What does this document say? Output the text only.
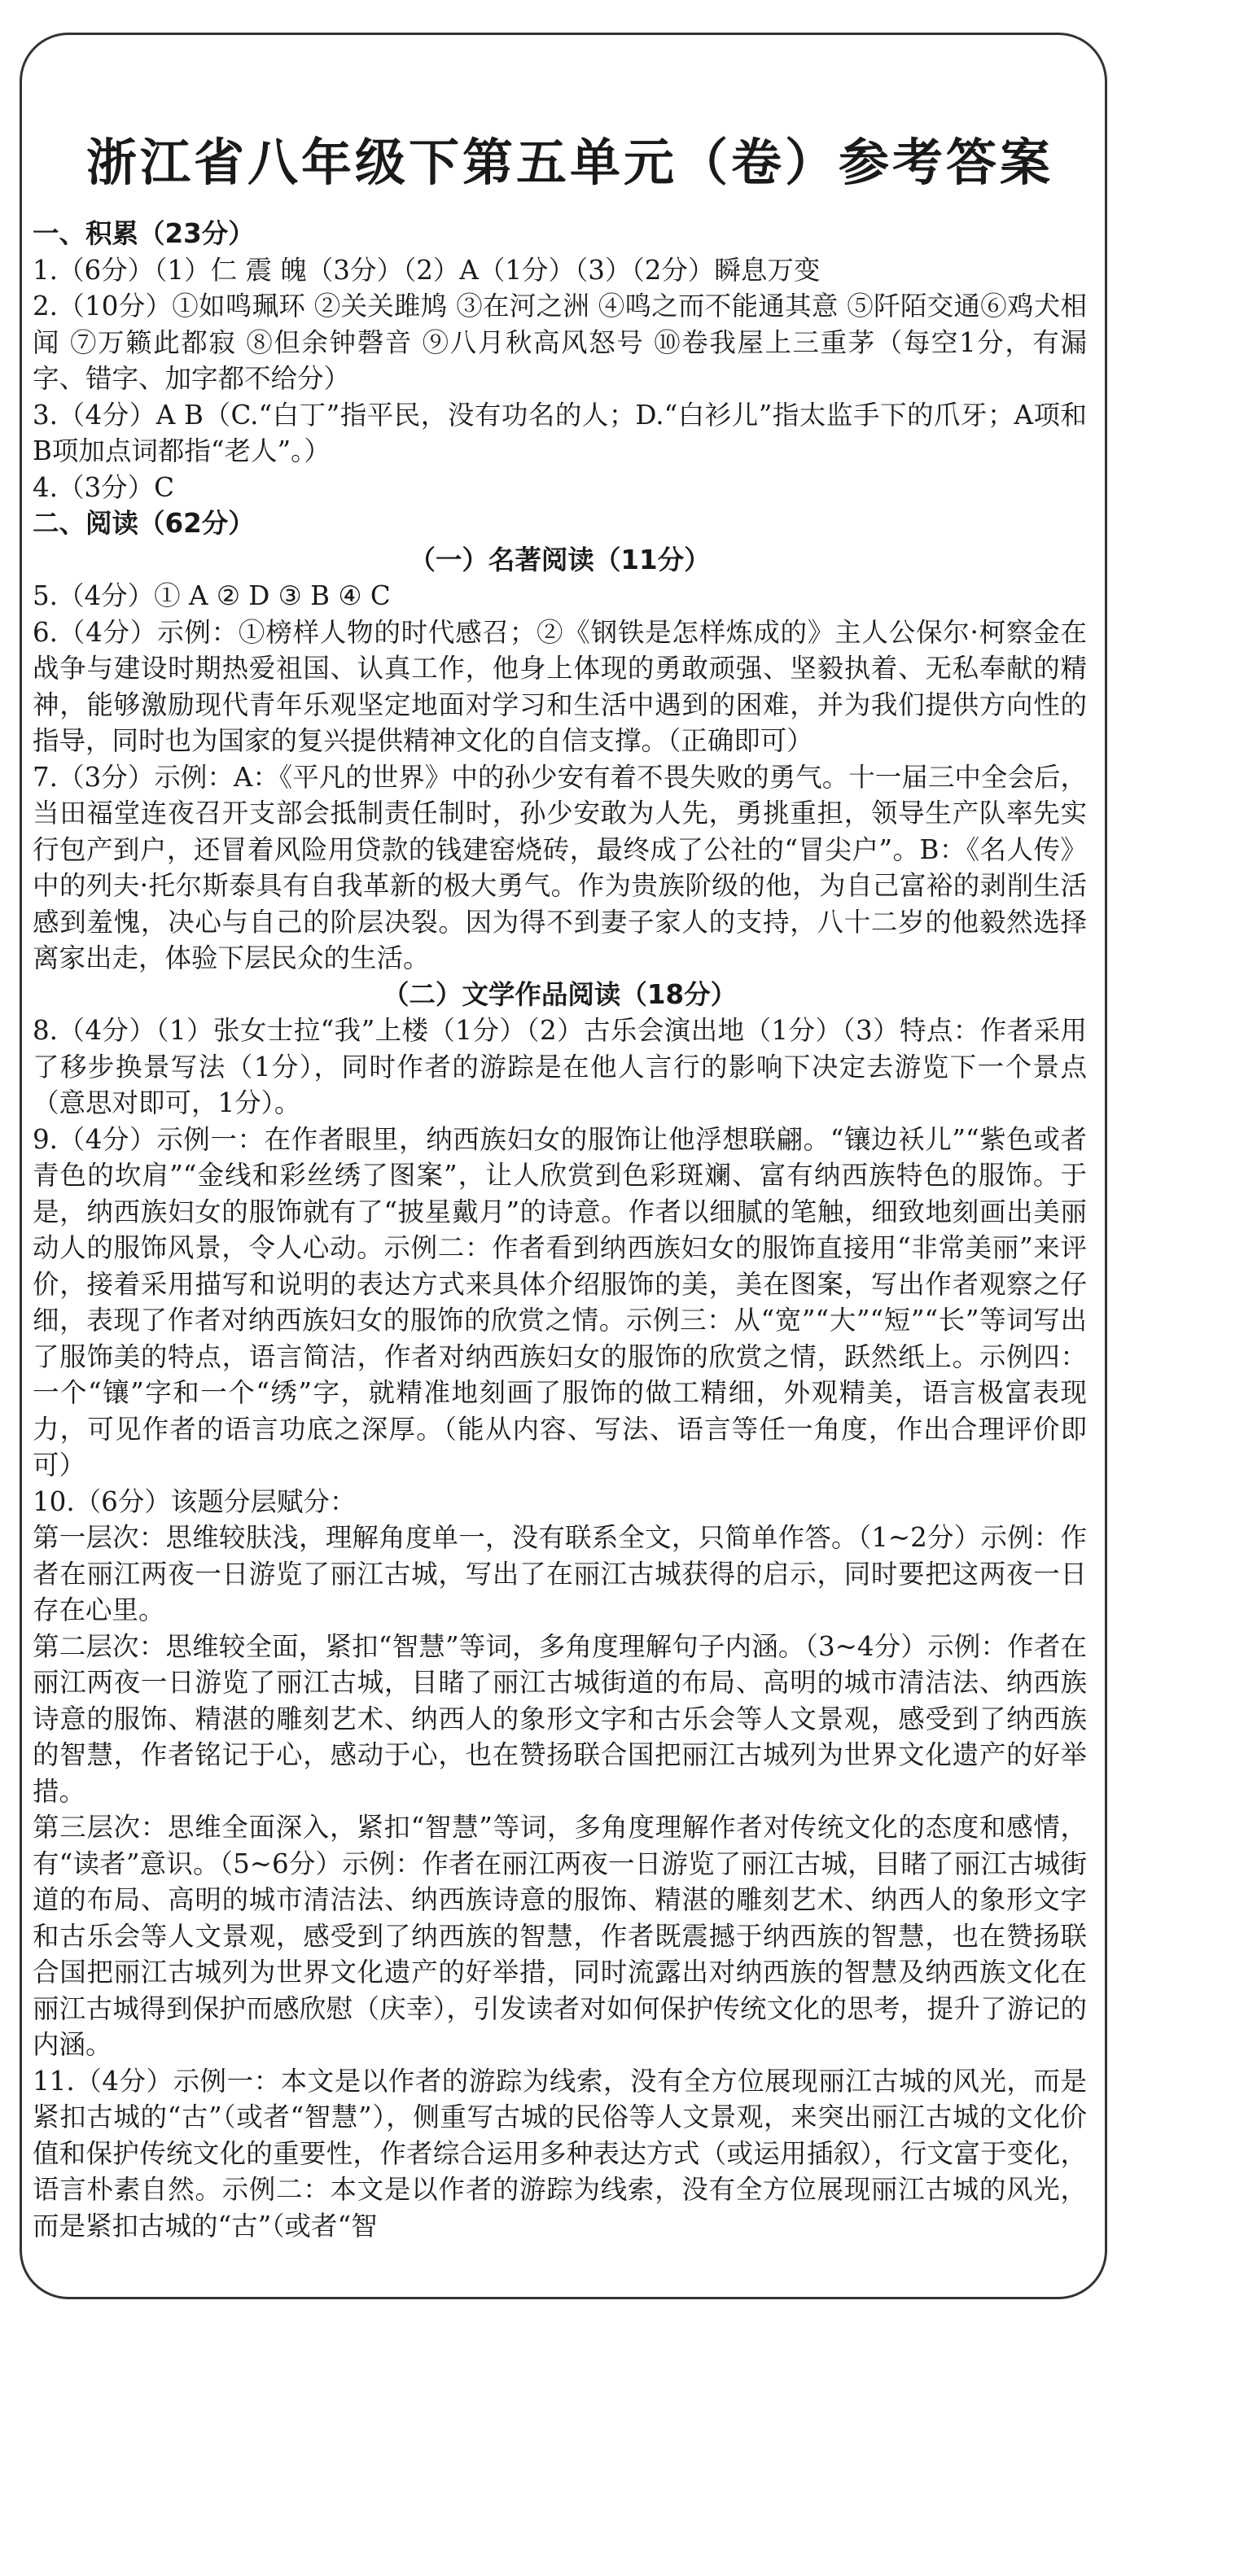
浙江省八年级下第五单元（卷）参考答案

一、积累（23分）

1.（6分）（1）仁 震 魄（3分）（2）A（1分）（3）（2分）瞬息万变

2.（10分）①如鸣珮环 ②关关雎鸠 ③在河之洲 ④鸣之而不能通其意 ⑤阡陌交通⑥鸡犬相闻 ⑦万籁此都寂 ⑧但余钟磬音 ⑨八月秋高风怒号 ⑩卷我屋上三重茅（每空1分，有漏字、错字、加字都不给分）

3.（4分）A B（C.“白丁”指平民，没有功名的人；D.“白衫儿”指太监手下的爪牙；A项和B项加点词都指“老人”。）

4.（3分）C

二、阅读（62分）

（一）名著阅读（11分）

5.（4分）① A ② D ③ B ④ C

6.（4分）示例：①榜样人物的时代感召；②《钢铁是怎样炼成的》主人公保尔·柯察金在战争与建设时期热爱祖国、认真工作，他身上体现的勇敢顽强、坚毅执着、无私奉献的精神，能够激励现代青年乐观坚定地面对学习和生活中遇到的困难，并为我们提供方向性的指导，同时也为国家的复兴提供精神文化的自信支撑。（正确即可）

7.（3分）示例：A：《平凡的世界》中的孙少安有着不畏失败的勇气。十一届三中全会后，当田福堂连夜召开支部会抵制责任制时，孙少安敢为人先，勇挑重担，领导生产队率先实行包产到户，还冒着风险用贷款的钱建窑烧砖，最终成了公社的“冒尖户”。B：《名人传》中的列夫·托尔斯泰具有自我革新的极大勇气。作为贵族阶级的他，为自己富裕的剥削生活感到羞愧，决心与自己的阶层决裂。因为得不到妻子家人的支持，八十二岁的他毅然选择离家出走，体验下层民众的生活。

（二）文学作品阅读（18分）

8.（4分）（1）张女士拉“我”上楼（1分）（2）古乐会演出地（1分）（3）特点：作者采用了移步换景写法（1分），同时作者的游踪是在他人言行的影响下决定去游览下一个景点（意思对即可，1分）。

9.（4分）示例一：在作者眼里，纳西族妇女的服饰让他浮想联翩。“镶边袄儿”“紫色或者青色的坎肩”“金线和彩丝绣了图案”，让人欣赏到色彩斑斓、富有纳西族特色的服饰。于是，纳西族妇女的服饰就有了“披星戴月”的诗意。作者以细腻的笔触，细致地刻画出美丽动人的服饰风景，令人心动。示例二：作者看到纳西族妇女的服饰直接用“非常美丽”来评价，接着采用描写和说明的表达方式来具体介绍服饰的美，美在图案，写出作者观察之仔细，表现了作者对纳西族妇女的服饰的欣赏之情。示例三：从“宽”“大”“短”“长”等词写出了服饰美的特点，语言简洁，作者对纳西族妇女的服饰的欣赏之情，跃然纸上。示例四：一个“镶”字和一个“绣”字，就精准地刻画了服饰的做工精细，外观精美，语言极富表现力，可见作者的语言功底之深厚。（能从内容、写法、语言等任一角度，作出合理评价即可）

10.（6分）该题分层赋分：

第一层次：思维较肤浅，理解角度单一，没有联系全文，只简单作答。（1~2分）示例：作者在丽江两夜一日游览了丽江古城，写出了在丽江古城获得的启示，同时要把这两夜一日存在心里。

第二层次：思维较全面，紧扣“智慧”等词，多角度理解句子内涵。（3~4分）示例：作者在丽江两夜一日游览了丽江古城，目睹了丽江古城街道的布局、高明的城市清洁法、纳西族诗意的服饰、精湛的雕刻艺术、纳西人的象形文字和古乐会等人文景观，感受到了纳西族的智慧，作者铭记于心，感动于心，也在赞扬联合国把丽江古城列为世界文化遗产的好举措。

第三层次：思维全面深入，紧扣“智慧”等词，多角度理解作者对传统文化的态度和感情，有“读者”意识。（5~6分）示例：作者在丽江两夜一日游览了丽江古城，目睹了丽江古城街道的布局、高明的城市清洁法、纳西族诗意的服饰、精湛的雕刻艺术、纳西人的象形文字和古乐会等人文景观，感受到了纳西族的智慧，作者既震撼于纳西族的智慧，也在赞扬联合国把丽江古城列为世界文化遗产的好举措，同时流露出对纳西族的智慧及纳西族文化在丽江古城得到保护而感欣慰（庆幸），引发读者对如何保护传统文化的思考，提升了游记的内涵。

11.（4分）示例一：本文是以作者的游踪为线索，没有全方位展现丽江古城的风光，而是紧扣古城的“古”（或者“智慧”），侧重写古城的民俗等人文景观，来突出丽江古城的文化价值和保护传统文化的重要性，作者综合运用多种表达方式（或运用插叙），行文富于变化，语言朴素自然。示例二：本文是以作者的游踪为线索，没有全方位展现丽江古城的风光，而是紧扣古城的“古”（或者“智
